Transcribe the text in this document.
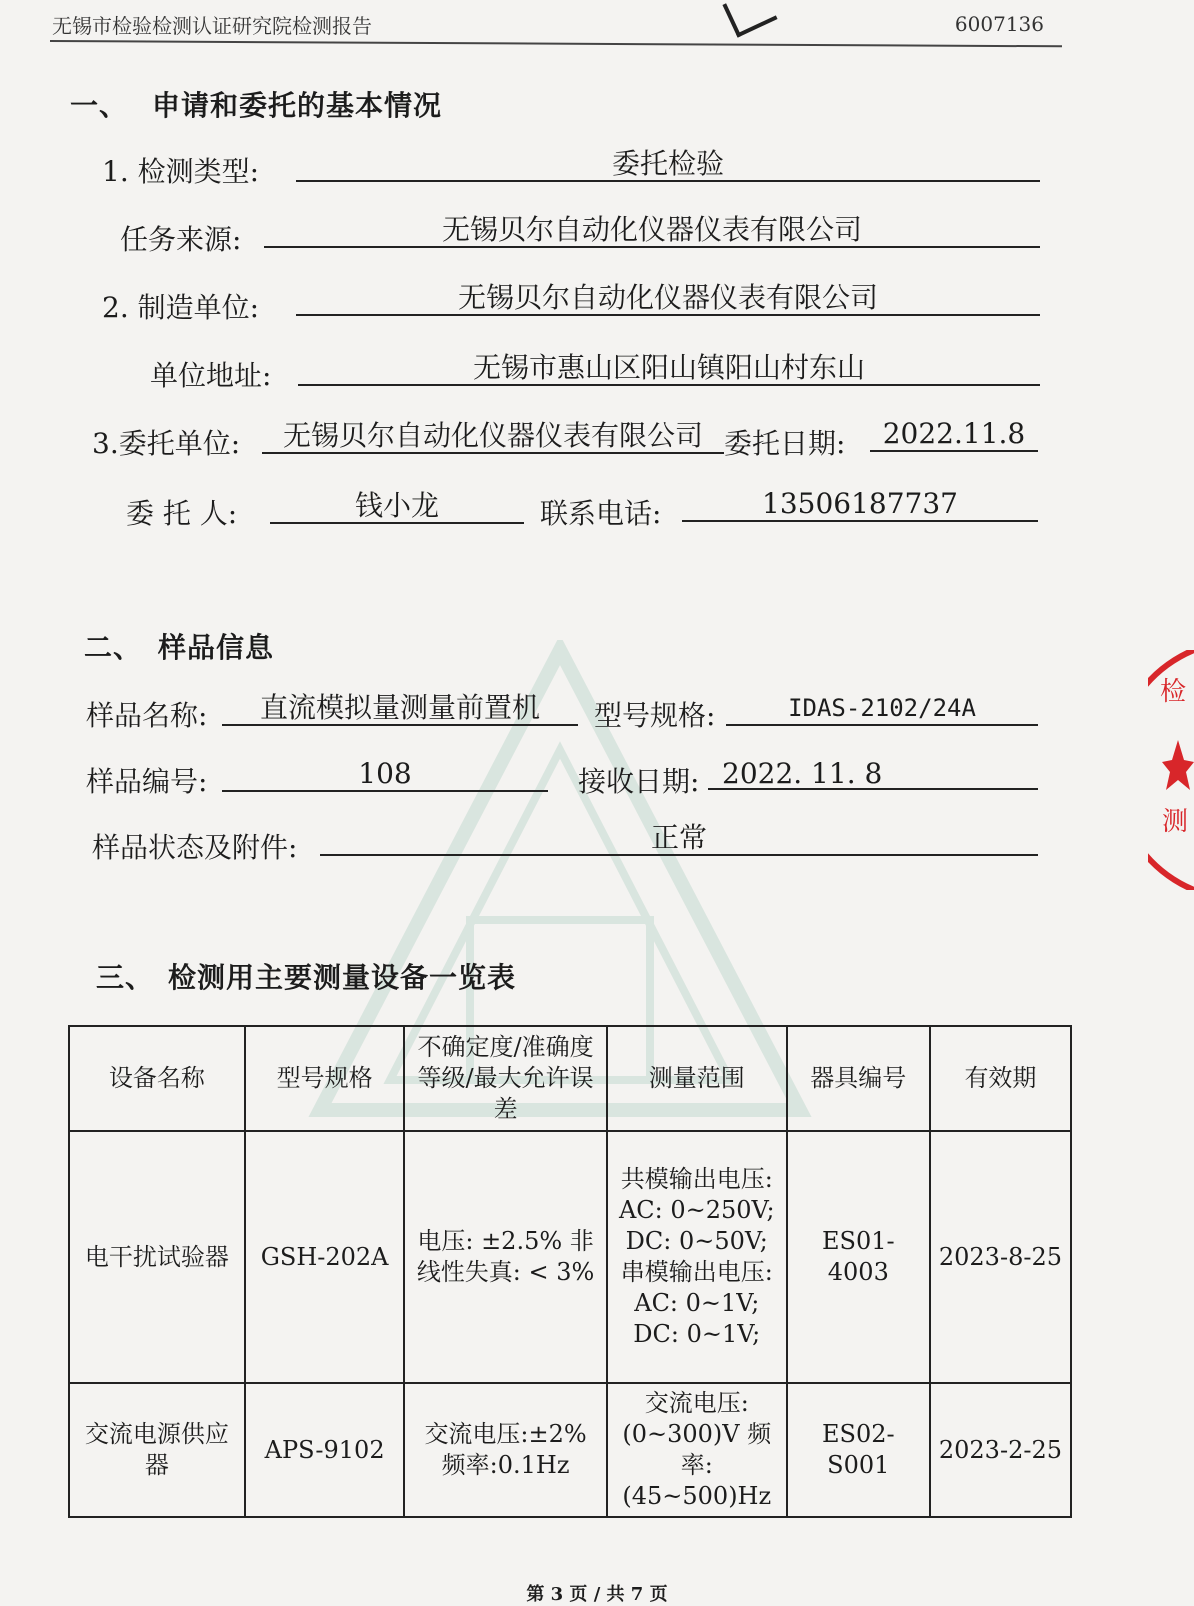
无锡市检验检测认证研究院检测报告	6007136
检
测
一、 申请和委托的基本情况
1. 检测类型:	委托检验
任务来源:	无锡贝尔自动化仪器仪表有限公司
2. 制造单位:	无锡贝尔自动化仪器仪表有限公司
单位地址:	无锡市惠山区阳山镇阳山村东山
3.委托单位:	无锡贝尔自动化仪器仪表有限公司 委托日期:	2022.11.8
委 托 人:	钱小龙	联系电话:	13506187737
二、 样品信息
样品名称:	直流模拟量测量前置机	型号规格:	IDAS-2102/24A
样品编号:	108	接收日期: 2022. 11. 8
样品状态及附件:	正常
三、 检测用主要测量设备一览表
设备名称	型号规格	不确定度/准确度等级/最大允许误差	测量范围	器具编号	有效期
电干扰试验器	GSH-202A	电压: ±2.5% 非线性失真: < 3%	共模输出电压: AC: 0~250V; DC: 0~50V; 串模输出电压: AC: 0~1V; DC: 0~1V;	ES01-4003	2023-8-25
交流电源供应器	APS-9102	交流电压:±2% 频率:0.1Hz	交流电压:(0~300)V 频率:(45~500)Hz	ES02-S001	2023-2-25
第 3 页 / 共 7 页
